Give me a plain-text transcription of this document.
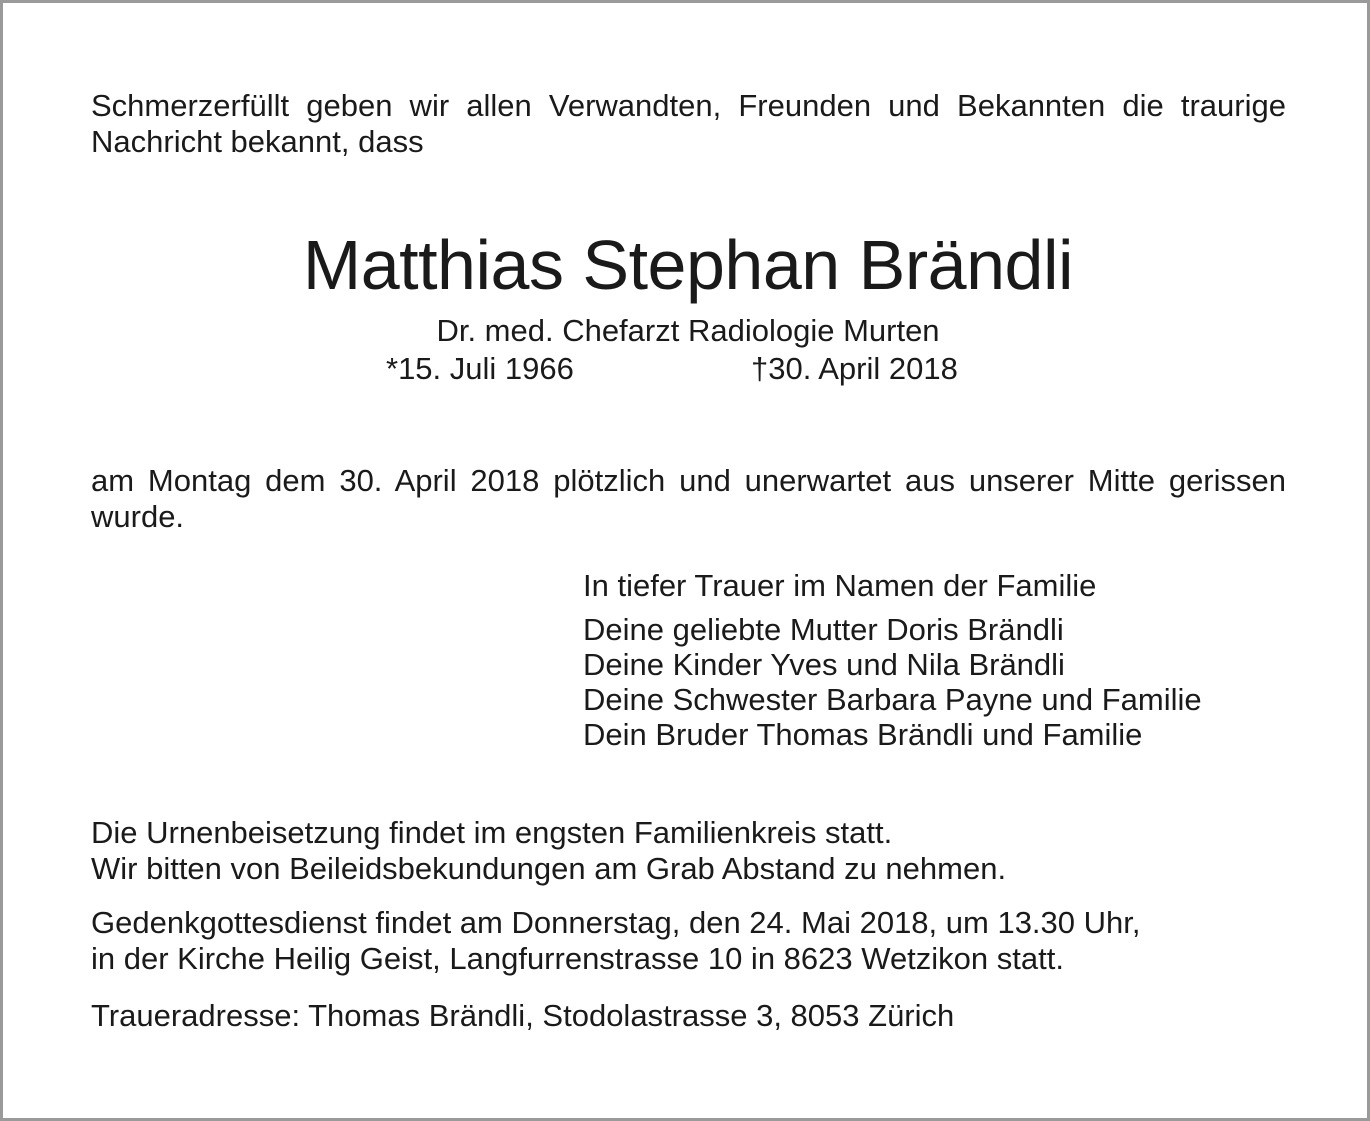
Schmerzerfüllt geben wir allen Verwandten, Freunden und Bekannten die traurige Nachricht bekannt, dass
Matthias Stephan Brändli
Dr. med. Chefarzt Radiologie Murten
*15. Juli 1966	†30. April 2018
am Montag dem 30. April 2018 plötzlich und unerwartet aus unserer Mitte gerissen wurde.
In tiefer Trauer im Namen der Familie
Deine geliebte Mutter Doris Brändli
Deine Kinder Yves und Nila Brändli
Deine Schwester Barbara Payne und Familie
Dein Bruder Thomas Brändli und Familie
Die Urnenbeisetzung findet im engsten Familienkreis statt.
Wir bitten von Beileidsbekundungen am Grab Abstand zu nehmen.
Gedenkgottesdienst findet am Donnerstag, den 24. Mai 2018, um 13.30 Uhr,
in der Kirche Heilig Geist, Langfurrenstrasse 10 in 8623 Wetzikon statt.
Traueradresse: Thomas Brändli, Stodolastrasse 3, 8053 Zürich
